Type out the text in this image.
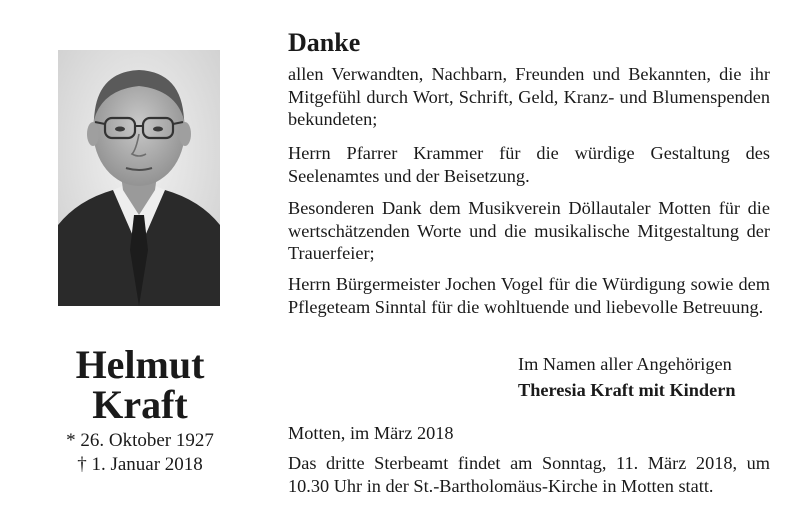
Helmut
Kraft
* 26. Oktober 1927
† 1. Januar 2018
Danke
allen Verwandten, Nachbarn, Freunden und Bekannten, die ihr Mitgefühl durch Wort, Schrift, Geld, Kranz- und Blumenspenden bekundeten;
Herrn Pfarrer Krammer für die würdige Gestaltung des Seelenamtes und der Beisetzung.
Besonderen Dank dem Musikverein Döllautaler Motten für die wertschätzenden Worte und die musikalische Mitgestaltung der Trauerfeier;
Herrn Bürgermeister Jochen Vogel für die Würdigung sowie dem Pflegeteam Sinntal für die wohltuende und liebevolle Betreuung.
Im Namen aller Angehörigen
Theresia Kraft mit Kindern
Motten, im März 2018
Das dritte Sterbeamt findet am Sonntag, 11. März 2018, um 10.30 Uhr in der St.-Bartholomäus-Kirche in Motten statt.
